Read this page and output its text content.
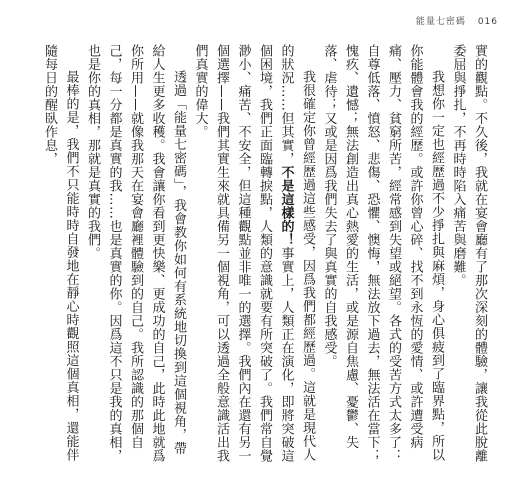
能量七密碼 016

實的觀點。不久後，我就在宴會廳有了那次深刻的體驗，讓我從此脫離委屈與掙扎，不再時時陷入痛苦與磨難。

我想你一定也經歷過不少掙扎與麻煩，身心俱疲到了臨界點，所以你能體會我的經歷。或許你曾心碎、找不到永恆的愛情、或許遭受病痛、壓力、貧窮所苦，經常感到失望或絕望。各式的受苦方式太多了：自尊低落、憤怒、悲傷、恐懼、懊悔，無法放下過去，無法活在當下；愧疚、遺憾；無法創造出真心熱愛的生活，或是源自焦慮、憂鬱、失落、虐待；又或是因爲我們失去了與真實的自我感受。

我很確定你曾經歷過這些感受，因爲我們都經歷過。這就是現代人的狀況……但其實，不是這樣的！事實上，人類正在演化，即將突破這個困境，我們正面臨轉捩點，人類的意識就要有所突破了。我們常自覺渺小、痛苦、不安全，但這種觀點並非唯一的選擇。我們內在還有另一個選擇——我們其實生來就具備另一個視角，可以透過全般意識活出我們真實的偉大。

透過「能量七密碼」，我會教你如何有系統地切換到這個視角，帶給人生更多收穫。我會讓你看到更快樂、更成功的自己，此時此地就爲你所用——就像我那天在宴會廳裡體驗到的自己。我所認識的那個自己，每一分都是真實的我……也是真實的你。因爲這不只是我的真相，也是你的真相，那就是真實的我們。

最棒的是，我們不只能時時自發地在靜心時觀照這個真相，還能伴隨每日的醒臥作息，
